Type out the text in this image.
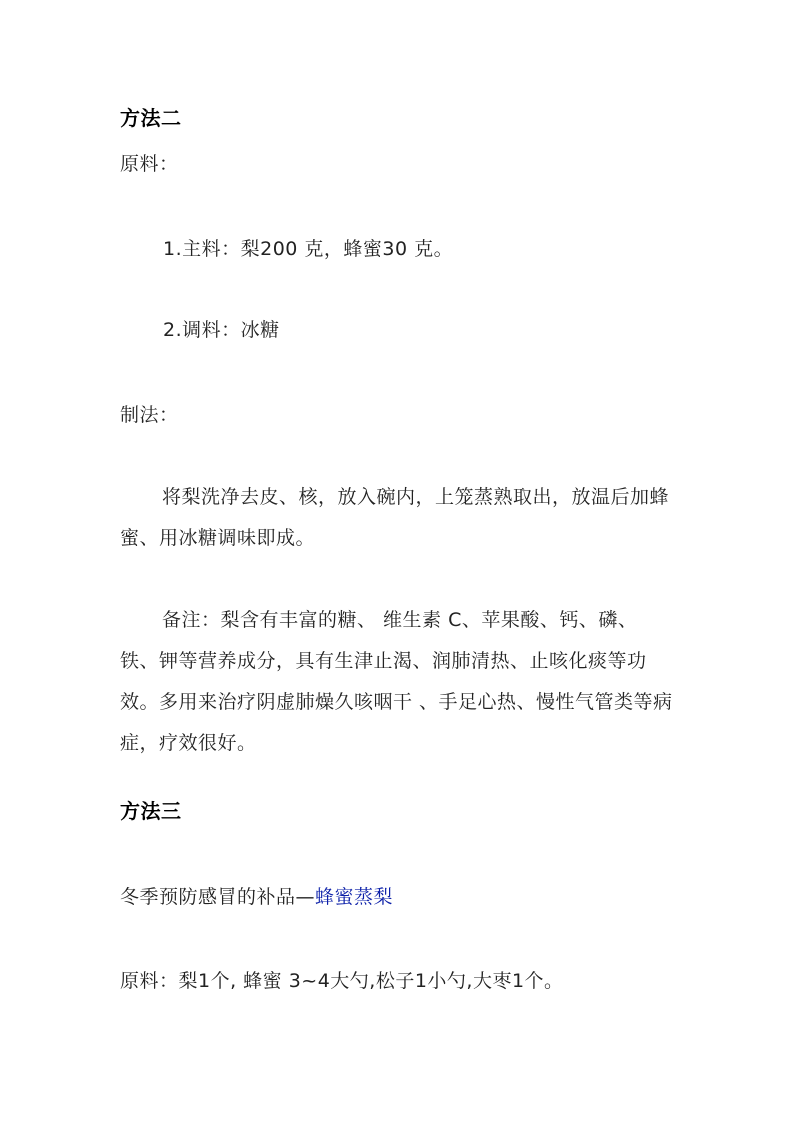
方法二
原料：
1.主料：梨200 克，蜂蜜30 克。
2.调料：冰糖
制法：
将梨洗净去皮、核，放入碗内，上笼蒸熟取出，放温后加蜂蜜、用冰糖调味即成。
备注：梨含有丰富的糖、 维生素 C、苹果酸、钙、磷、铁、钾等营养成分，具有生津止渴、润肺清热、止咳化痰等功效。多用来治疗阴虚肺燥久咳咽干 、手足心热、慢性气管类等病症，疗效很好。
方法三
冬季预防感冒的补品—蜂蜜蒸梨
原料：梨1个, 蜂蜜 3~4大勺,松子1小勺,大枣1个。
